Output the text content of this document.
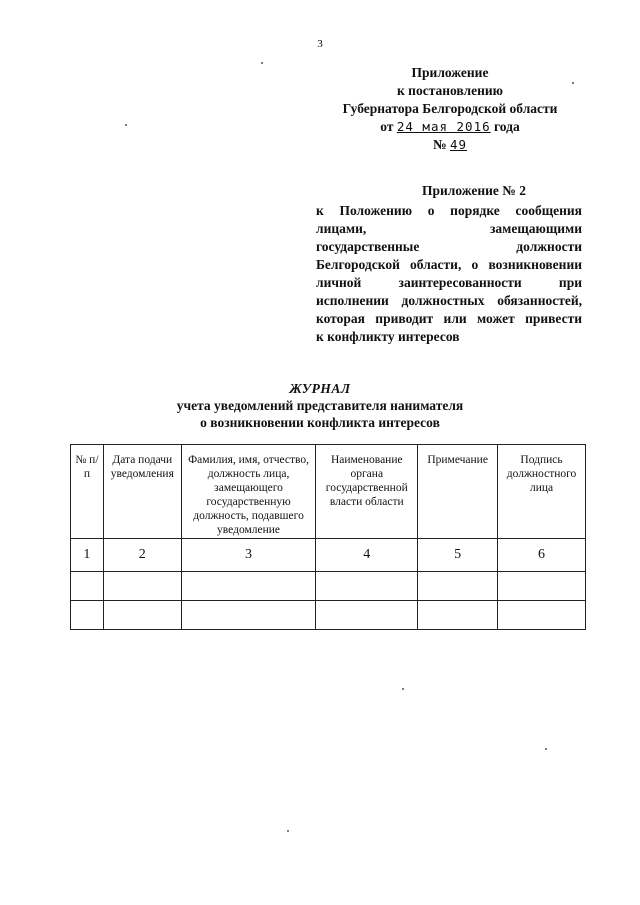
3
Приложение
к постановлению
Губернатора Белгородской области
от 24 мая 2016 года
№ 49
Приложение № 2
к Положению о порядке сообщения
лицами, замещающими
государственные должности
Белгородской области, о возникновении
личной заинтересованности при
исполнении должностных обязанностей,
которая приводит или может привести
к конфликту интересов
ЖУРНАЛ
учета уведомлений представителя нанимателя
о возникновении конфликта интересов
№ п/п	Дата подачи уведомления	Фамилия, имя, отчество, должность лица, замещающего государственную должность, подавшего уведомление	Наименование органа государственной власти области	Примечание	Подпись должностного лица
1	2	3	4	5	6
